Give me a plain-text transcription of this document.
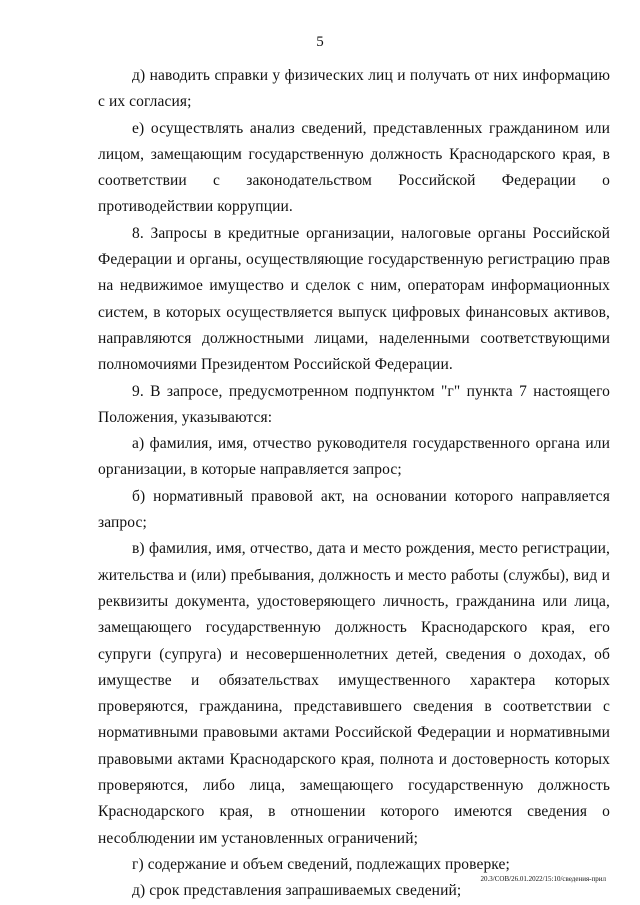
5

д) наводить справки у физических лиц и получать от них информацию с их согласия;

е) осуществлять анализ сведений, представленных гражданином или лицом, замещающим государственную должность Краснодарского края, в соответствии с законодательством Российской Федерации о противодействии коррупции.

8. Запросы в кредитные организации, налоговые органы Российской Федерации и органы, осуществляющие государственную регистрацию прав на недвижимое имущество и сделок с ним, операторам информационных систем, в которых осуществляется выпуск цифровых финансовых активов, направляются должностными лицами, наделенными соответствующими полномочиями Президентом Российской Федерации.

9. В запросе, предусмотренном подпунктом "г" пункта 7 настоящего Положения, указываются:

а) фамилия, имя, отчество руководителя государственного органа или организации, в которые направляется запрос;

б) нормативный правовой акт, на основании которого направляется запрос;

в) фамилия, имя, отчество, дата и место рождения, место регистрации, жительства и (или) пребывания, должность и место работы (службы), вид и реквизиты документа, удостоверяющего личность, гражданина или лица, замещающего государственную должность Краснодарского края, его супруги (супруга) и несовершеннолетних детей, сведения о доходах, об имуществе и обязательствах имущественного характера которых проверяются, гражданина, представившего сведения в соответствии с нормативными правовыми актами Российской Федерации и нормативными правовыми актами Краснодарского края, полнота и достоверность которых проверяются, либо лица, замещающего государственную должность Краснодарского края, в отношении которого имеются сведения о несоблюдении им установленных ограничений;

г) содержание и объем сведений, подлежащих проверке;

д) срок представления запрашиваемых сведений;

20.3/СОВ/26.01.2022/15:10/сведения-прил
